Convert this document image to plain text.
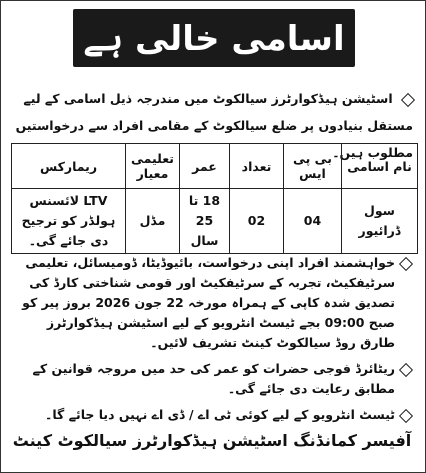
اسامی خالی ہے
اسٹیشن ہیڈکوارٹرز سیالکوٹ میں مندرجہ ذیل اسامی کے لیے مستقل بنیادوں پر ضلع سیالکوٹ کے مقامی افراد سے درخواستیں مطلوب ہیں۔
نام اسامی	بی پی ایس	تعداد	عمر	تعلیمی معیار	ریمارکس
سول ڈرائیور	04	02	18 تا 25 سال	مڈل	LTV لائسنس ہولڈر کو ترجیح دی جائے گی۔
خواہشمند افراد اپنی درخواست، بائیوڈیٹا، ڈومیسائل، تعلیمی سرٹیفکیٹ، تجربہ کے سرٹیفکیٹ اور قومی شناختی کارڈ کی تصدیق شدہ کاپی کے ہمراہ مورخہ 22 جون 2026 بروز پیر کو صبح 09:00 بجے ٹیسٹ انٹرویو کے لیے اسٹیشن ہیڈکوارٹرز طارق روڈ سیالکوٹ کینٹ تشریف لائیں۔
ریٹائرڈ فوجی حضرات کو عمر کی حد میں مروجہ قوانین کے مطابق رعایت دی جائے گی۔
ٹیسٹ انٹرویو کے لیے کوئی ٹی اے / ڈی اے نہیں دیا جائے گا۔
آفیسر کمانڈنگ اسٹیشن ہیڈکوارٹرز سیالکوٹ کینٹ
